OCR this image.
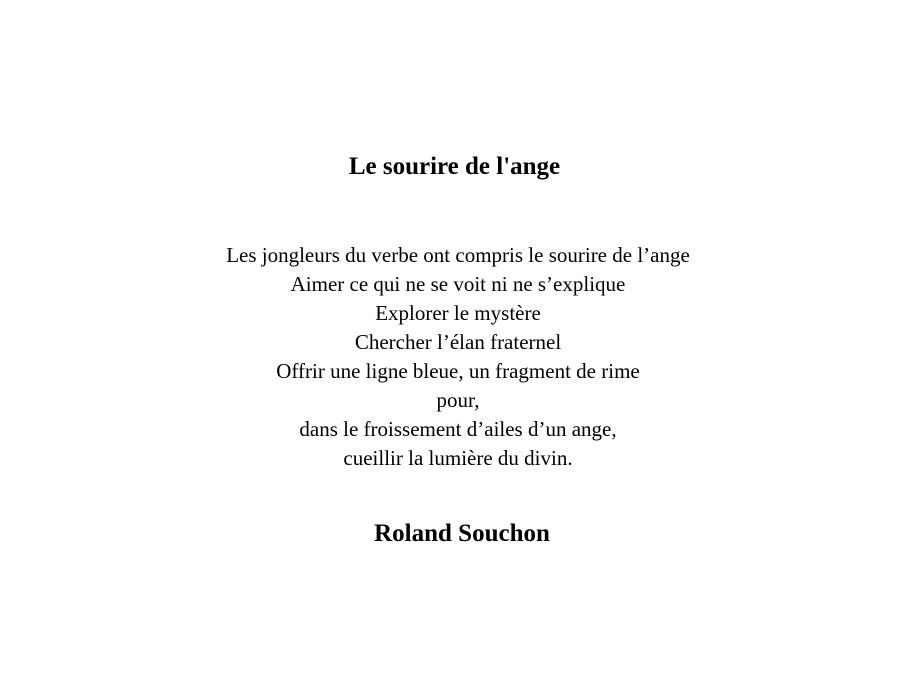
Le sourire de l'ange
Les jongleurs du verbe ont compris le sourire de l’ange
Aimer ce qui ne se voit ni ne s’explique
Explorer le mystère
Chercher l’élan fraternel
Offrir une ligne bleue, un fragment de rime
pour,
dans le froissement d’ailes d’un ange,
cueillir la lumière du divin.

Roland Souchon
